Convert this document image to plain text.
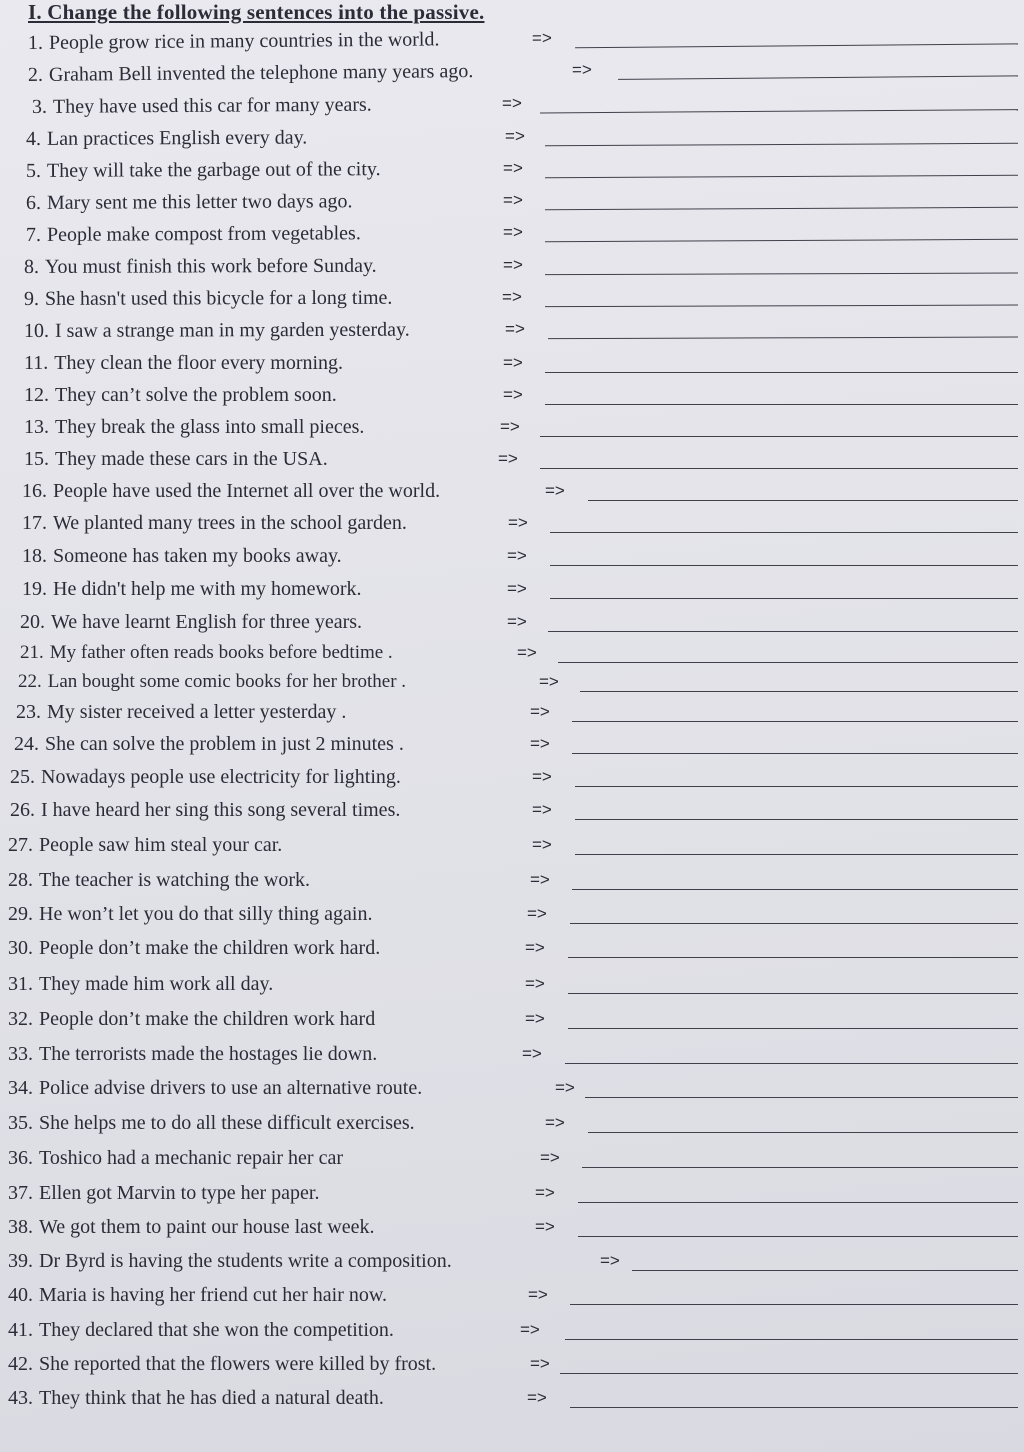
I. Change the following sentences into the passive.
1. People grow rice in many countries in the world.	=>
2. Graham Bell invented the telephone many years ago.	=>
3. They have used this car for many years.	=>
4. Lan practices English every day.	=>
5. They will take the garbage out of the city.	=>
6. Mary sent me this letter two days ago.	=>
7. People make compost from vegetables.	=>
8. You must finish this work before Sunday.	=>
9. She hasn't used this bicycle for a long time.	=>
10. I saw a strange man in my garden yesterday.	=>
11. They clean the floor every morning.	=>
12. They can’t solve the problem soon.	=>
13. They break the glass into small pieces.	=>
15. They made these cars in the USA.	=>
16. People have used the Internet all over the world.	=>
17. We planted many trees in the school garden.	=>
18. Someone has taken my books away.	=>
19. He didn't help me with my homework.	=>
20. We have learnt English for three years.	=>
21. My father often reads books before bedtime .	=>
22. Lan bought some comic books for her brother .	=>
23. My sister received a letter yesterday .	=>
24. She can solve the problem in just 2 minutes .	=>
25. Nowadays people use electricity for lighting.	=>
26. I have heard her sing this song several times.	=>
27. People saw him steal your car.	=>
28. The teacher is watching the work.	=>
29. He won’t let you do that silly thing again.	=>
30. People don’t make the children work hard.	=>
31. They made him work all day.	=>
32. People don’t make the children work hard	=>
33. The terrorists made the hostages lie down.	=>
34. Police advise drivers to use an alternative route.	=>
35. She helps me to do all these difficult exercises.	=>
36. Toshico had a mechanic repair her car	=>
37. Ellen got Marvin to type her paper.	=>
38. We got them to paint our house last week.	=>
39. Dr Byrd is having the students write a composition.	=>
40. Maria is having her friend cut her hair now.	=>
41. They declared that she won the competition.	=>
42. She reported that the flowers were killed by frost.	=>
43. They think that he has died a natural death.	=>
